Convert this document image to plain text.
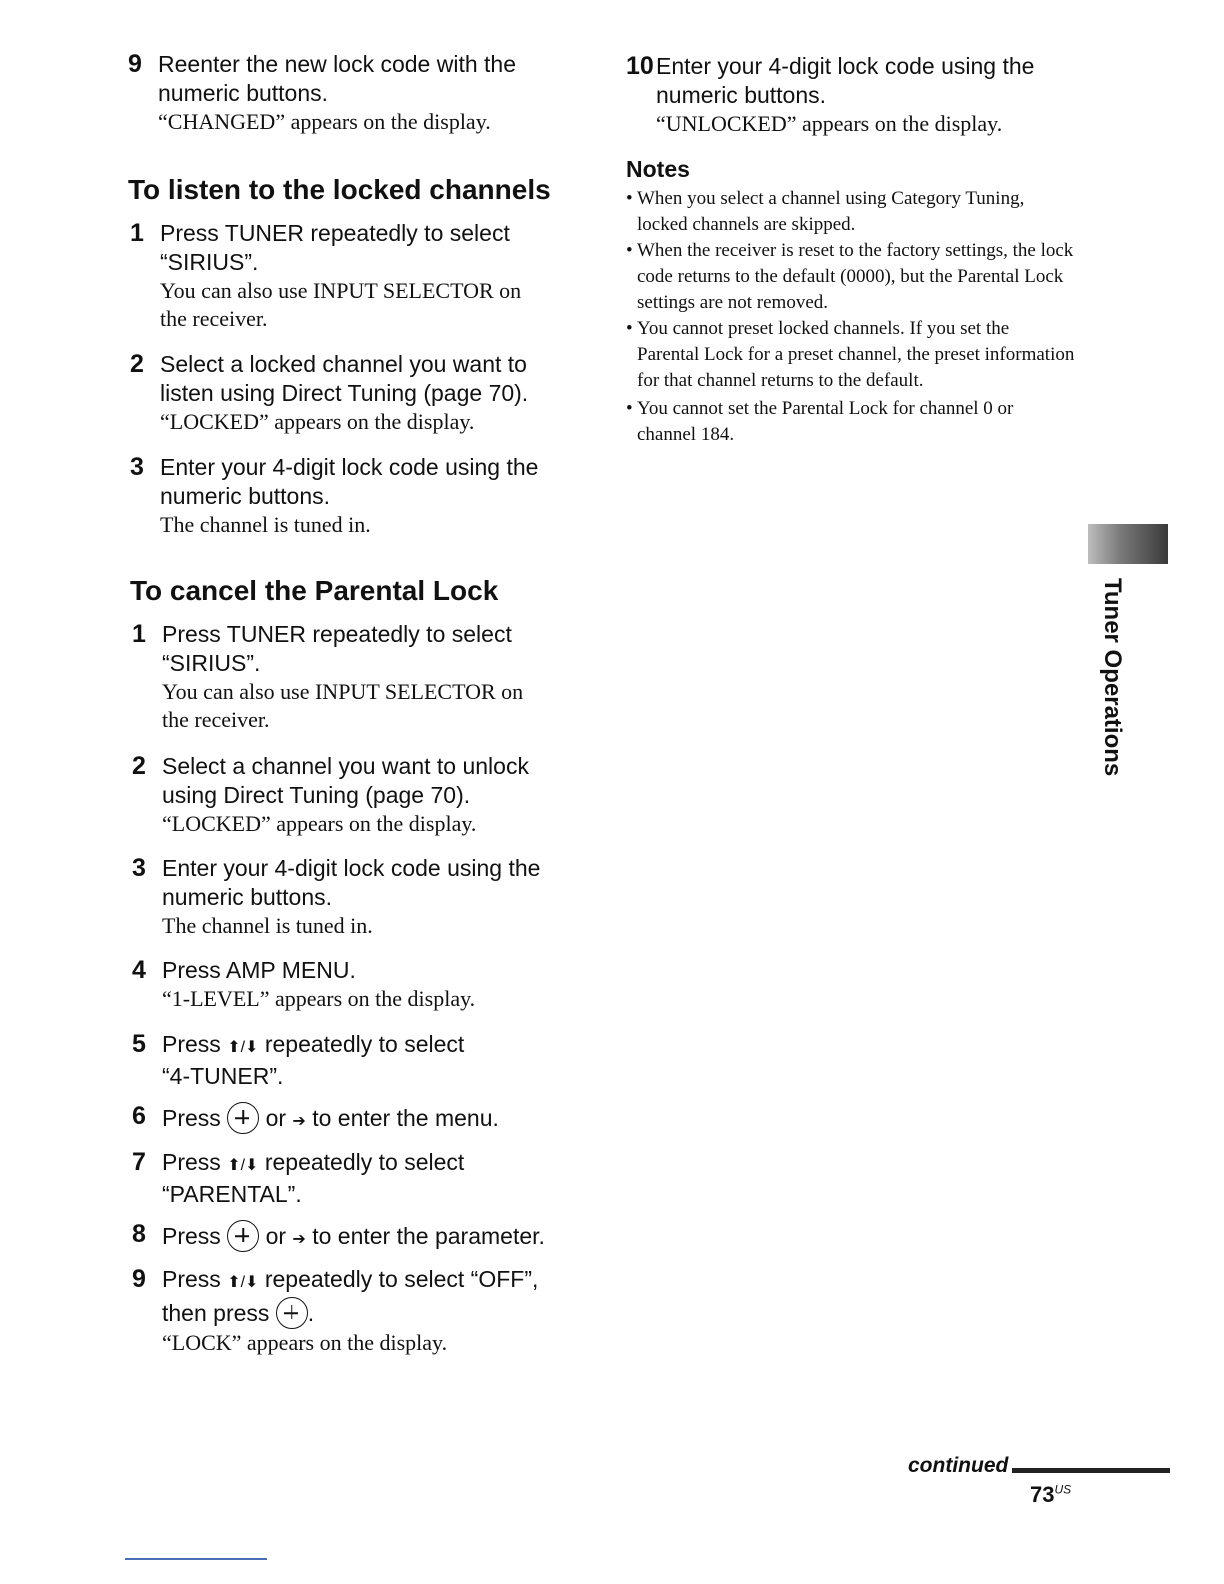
9 Reenter the new lock code with the
numeric buttons.
“CHANGED” appears on the display.
To listen to the locked channels
1 Press TUNER repeatedly to select
“SIRIUS”.
You can also use INPUT SELECTOR on
the receiver.
2 Select a locked channel you want to
listen using Direct Tuning (page 70).
“LOCKED” appears on the display.
3 Enter your 4-digit lock code using the
numeric buttons.
The channel is tuned in.
To cancel the Parental Lock
1 Press TUNER repeatedly to select
“SIRIUS”.
You can also use INPUT SELECTOR on
the receiver.
2 Select a channel you want to unlock
using Direct Tuning (page 70).
“LOCKED” appears on the display.
3 Enter your 4-digit lock code using the
numeric buttons.
The channel is tuned in.
4 Press AMP MENU.
“1-LEVEL” appears on the display.
5 Press ⬆/⬇ repeatedly to select
“4-TUNER”.
6 Press or ➔ to enter the menu.
7 Press ⬆/⬇ repeatedly to select
“PARENTAL”.
8 Press or ➔ to enter the parameter.
9 Press ⬆/⬇ repeatedly to select “OFF”,
then press .
“LOCK” appears on the display.
10 Enter your 4-digit lock code using the
numeric buttons.
“UNLOCKED” appears on the display.
Notes
• When you select a channel using Category Tuning, locked channels are skipped.
• When the receiver is reset to the factory settings, the lock code returns to the default (0000), but the Parental Lock settings are not removed.
• You cannot preset locked channels. If you set the Parental Lock for a preset channel, the preset information for that channel returns to the default.
• You cannot set the Parental Lock for channel 0 or channel 184.
Tuner Operations
continued
$73^{US}$
